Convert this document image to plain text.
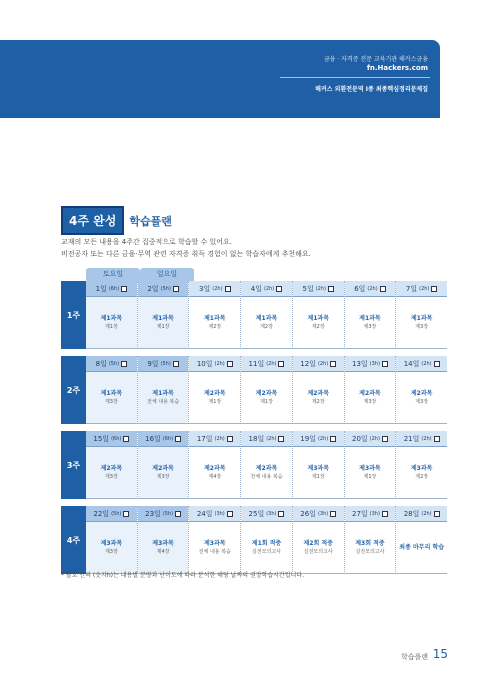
금융 · 자격증 전문 교육기관 해커스금융
fn.Hackers.com
해커스 외환전문역 Ⅰ종 최종핵심정리문제집
4주 완성	학습플랜
교재의 모든 내용을 4주간 집중적으로 학습할 수 있어요.
비전공자 또는 다른 금융·무역 관련 자격증 취득 경험이 없는 학습자에게 추천해요.
토요일	일요일
1주
1일 (6h)
제1과목
제1장
2일 (5h)
제1과목
제1장
3일 (2h)
제1과목
제2장
4일 (2h)
제1과목
제2장
5일 (2h)
제1과목
제2장
6일 (2h)
제1과목
제3장
7일 (2h)
제1과목
제3장
2주
8일 (5h)
제1과목
제3장
9일 (5h)
제1과목
전체 내용 복습
10일 (2h)
제2과목
제1장
11일 (2h)
제2과목
제1장
12일 (2h)
제2과목
제2장
13일 (3h)
제2과목
제3장
14일 (2h)
제2과목
제3장
3주
15일 (6h)
제2과목
제3장
16일 (6h)
제2과목
제3장
17일 (2h)
제2과목
제4장
18일 (2h)
제2과목
전체 내용 복습
19일 (2h)
제3과목
제1장
20일 (2h)
제3과목
제1장
21일 (2h)
제3과목
제2장
4주
22일 (5h)
제3과목
제3장
23일 (5h)
제3과목
제4장
24일 (3h)
제3과목
전체 내용 복습
25일 (3h)
제1회 적중
실전모의고사
26일 (3h)
제2회 적중
실전모의고사
27일 (3h)
제3회 적중
실전모의고사
28일 (2h)
최종 마무리 학습
* 괄호 안의 (숫자h)는 내용별 분량과 난이도에 따라 분석한 해당 날짜의 권장학습시간입니다.
학습플랜 15
